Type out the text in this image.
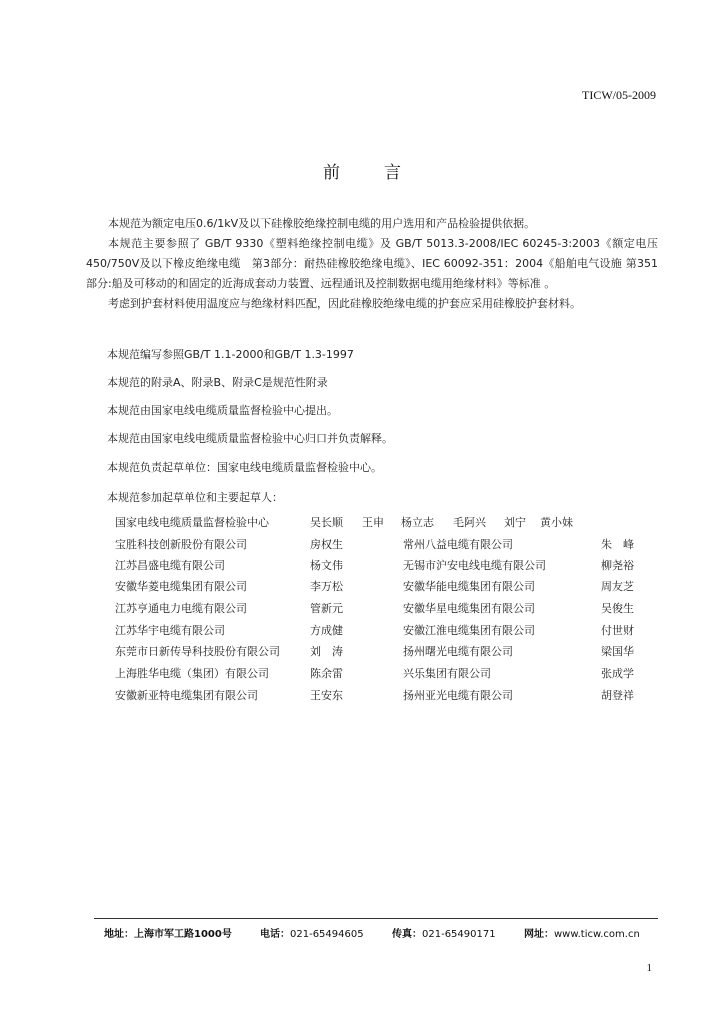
TICW/05-2009
前	言

本规范为额定电压0.6/1kV及以下硅橡胶绝缘控制电缆的用户选用和产品检验提供依据。

本规范主要参照了 GB/T 9330《塑料绝缘控制电缆》及 GB/T 5013.3-2008/IEC 60245-3:2003《额定电压450/750V及以下橡皮绝缘电缆　第3部分：耐热硅橡胶绝缘电缆》、IEC 60092-351：2004《船舶电气设施 第351部分:船及可移动的和固定的近海成套动力装置、远程通讯及控制数据电缆用绝缘材料》等标准 。

考虑到护套材料使用温度应与绝缘材料匹配，因此硅橡胶绝缘电缆的护套应采用硅橡胶护套材料。

本规范编写参照GB/T 1.1-2000和GB/T 1.3-1997
本规范的附录A、附录B、附录C是规范性附录
本规范由国家电线电缆质量监督检验中心提出。
本规范由国家电线电缆质量监督检验中心归口并负责解释。
本规范负责起草单位：国家电线电缆质量监督检验中心。
本规范参加起草单位和主要起草人：
国家电线电缆质量监督检验中心	吴长顺 王申 杨立志 毛阿兴 刘宁 黄小妹
宝胜科技创新股份有限公司	房权生	常州八益电缆有限公司	朱　峰
江苏昌盛电缆有限公司	杨文伟	无锡市沪安电线电缆有限公司	柳尧裕
安徽华菱电缆集团有限公司	李万松	安徽华能电缆集团有限公司	周友芝
江苏亨通电力电缆有限公司	管新元	安徽华星电缆集团有限公司	吴俊生
江苏华宇电缆有限公司	方成健	安徽江淮电缆集团有限公司	付世财
东莞市日新传导科技股份有限公司	刘　涛	扬州曙光电缆有限公司	梁国华
上海胜华电缆（集团）有限公司	陈余雷	兴乐集团有限公司	张成学
安徽新亚特电缆集团有限公司	王安东	扬州亚光电缆有限公司	胡登祥
地址：上海市军工路1000号	电话：021-65494605	传真：021-65490171	网址：www.ticw.com.cn
1
